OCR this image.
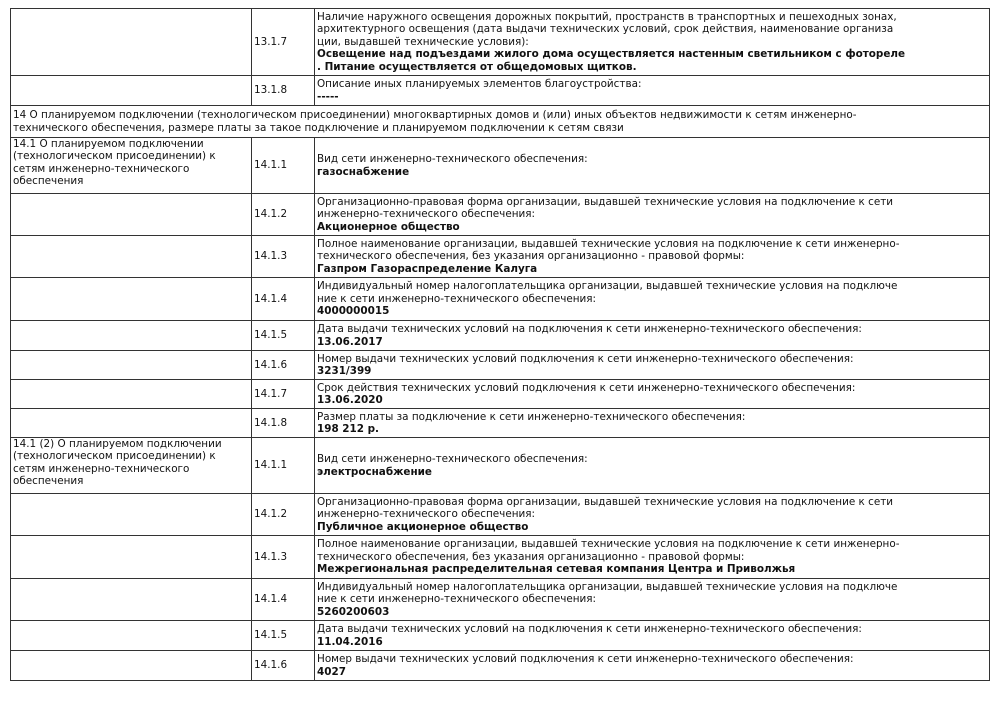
	13.1.7	Наличие наружного освещения дорожных покрытий, пространств в транспортных и пешеходных зонах,
архитектурного освещения (дата выдачи технических условий, срок действия, наименование организа
ции, выдавшей технические условия):
Освещение над подъездами жилого дома осуществляется настенным светильником с фотореле
. Питание осуществляется от общедомовых щитков.
	13.1.8	Описание иных планируемых элементов благоустройства:
-----
14 О планируемом подключении (технологическом присоединении) многоквартирных домов и (или) иных объектов недвижимости к сетям инженерно-
технического обеспечения, размере платы за такое подключение и планируемом подключении к сетям связи		
14.1 О планируемом подключении
(технологическом присоединении) к
сетям инженерно-технического
обеспечения	14.1.1	Вид сети инженерно-технического обеспечения:
газоснабжение
	14.1.2	Организационно-правовая форма организации, выдавшей технические условия на подключение к сети
инженерно-технического обеспечения:
Акционерное общество
	14.1.3	Полное наименование организации, выдавшей технические условия на подключение к сети инженерно-
технического обеспечения, без указания организационно - правовой формы:
Газпром Газораспределение Калуга
	14.1.4	Индивидуальный номер налогоплательщика организации, выдавшей технические условия на подключе
ние к сети инженерно-технического обеспечения:
4000000015
	14.1.5	Дата выдачи технических условий на подключения к сети инженерно-технического обеспечения:
13.06.2017
	14.1.6	Номер выдачи технических условий подключения к сети инженерно-технического обеспечения:
3231/399
	14.1.7	Срок действия технических условий подключения к сети инженерно-технического обеспечения:
13.06.2020
	14.1.8	Размер платы за подключение к сети инженерно-технического обеспечения:
198 212 р.
14.1 (2) О планируемом подключении
(технологическом присоединении) к
сетям инженерно-технического
обеспечения	14.1.1	Вид сети инженерно-технического обеспечения:
электроснабжение
	14.1.2	Организационно-правовая форма организации, выдавшей технические условия на подключение к сети
инженерно-технического обеспечения:
Публичное акционерное общество
	14.1.3	Полное наименование организации, выдавшей технические условия на подключение к сети инженерно-
технического обеспечения, без указания организационно - правовой формы:
Межрегиональная распределительная сетевая компания Центра и Приволжья
	14.1.4	Индивидуальный номер налогоплательщика организации, выдавшей технические условия на подключе
ние к сети инженерно-технического обеспечения:
5260200603
	14.1.5	Дата выдачи технических условий на подключения к сети инженерно-технического обеспечения:
11.04.2016
	14.1.6	Номер выдачи технических условий подключения к сети инженерно-технического обеспечения:
4027
